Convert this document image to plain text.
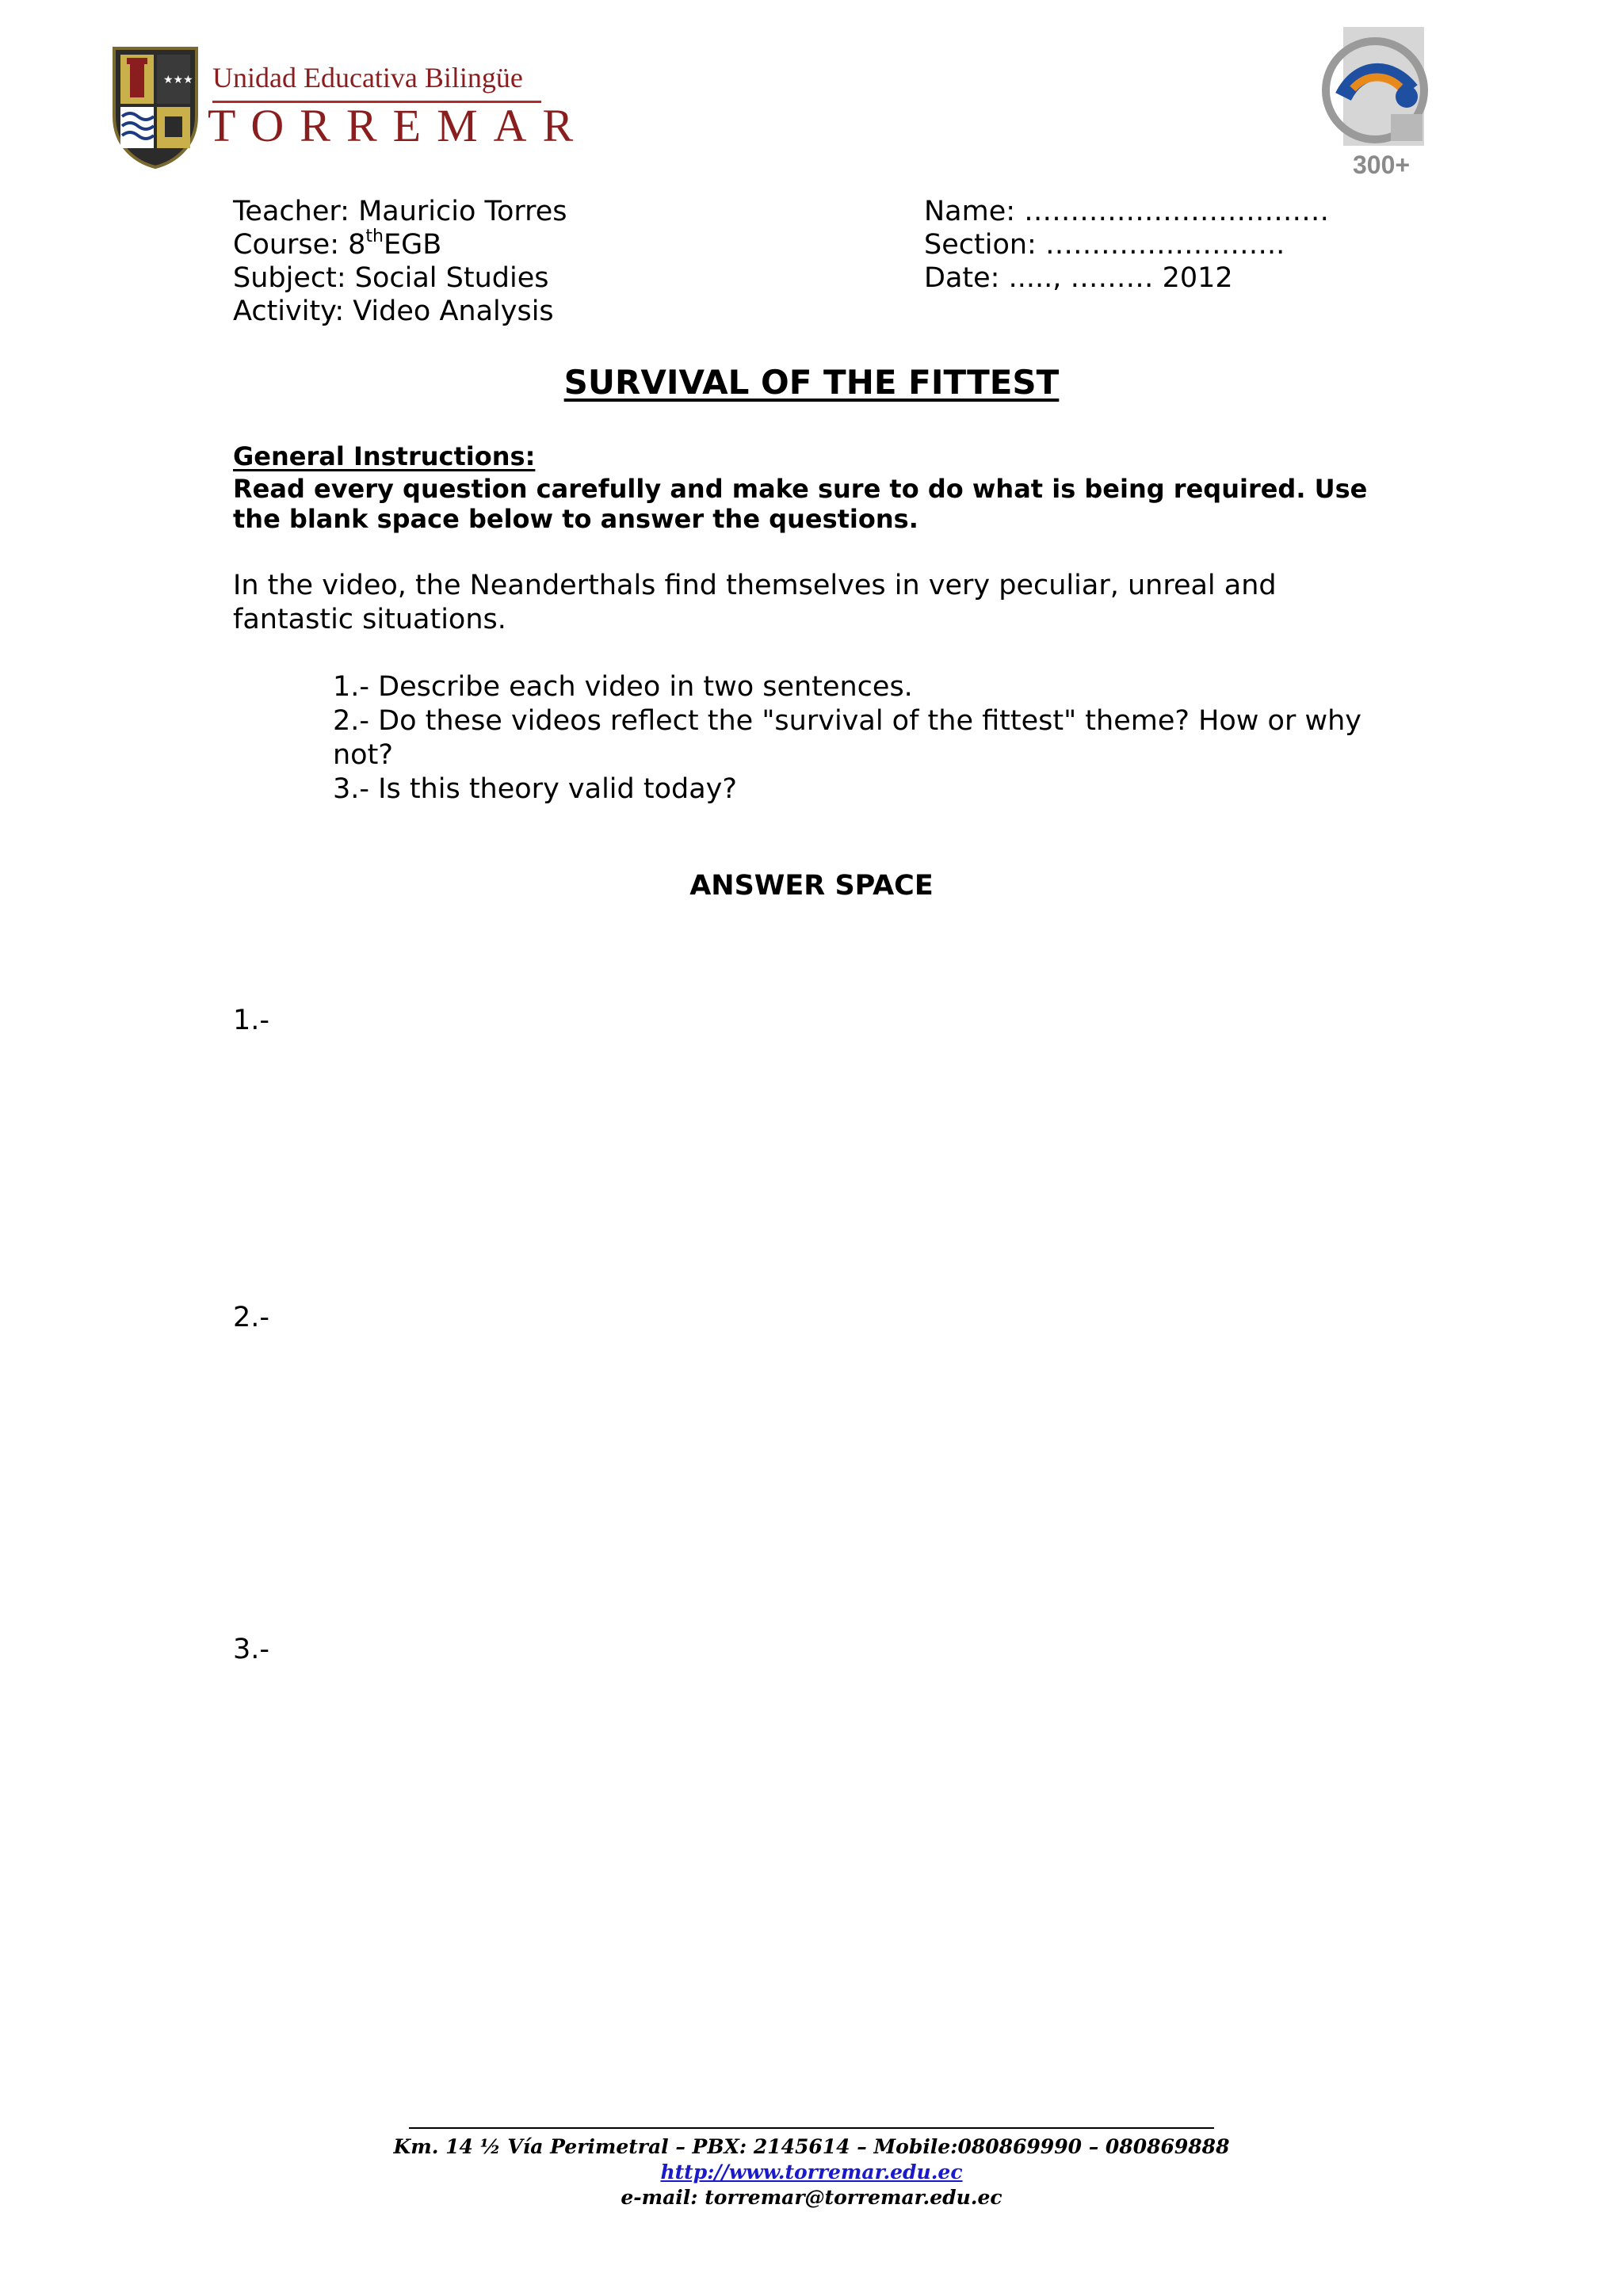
★★★ Unidad Educativa Bilingüe
TORREMAR
300+
Teacher: Mauricio Torres
Course: 8thEGB
Subject: Social Studies
Activity: Video Analysis
Name: ……………………………
Section: ……………………..
Date: ....., ……… 2012
SURVIVAL OF THE FITTEST
General Instructions:
Read every question carefully and make sure to do what is being required. Use the blank space below to answer the questions.
In the video, the Neanderthals find themselves in very peculiar, unreal and fantastic situations.
1.- Describe each video in two sentences.
2.- Do these videos reflect the "survival of the fittest" theme? How or why not?
3.- Is this theory valid today?
ANSWER SPACE
1.-
2.-
3.-
Km. 14 ½ Vía Perimetral – PBX: 2145614 – Mobile:080869990 – 080869888
http://www.torremar.edu.ec
e-mail: torremar@torremar.edu.ec
